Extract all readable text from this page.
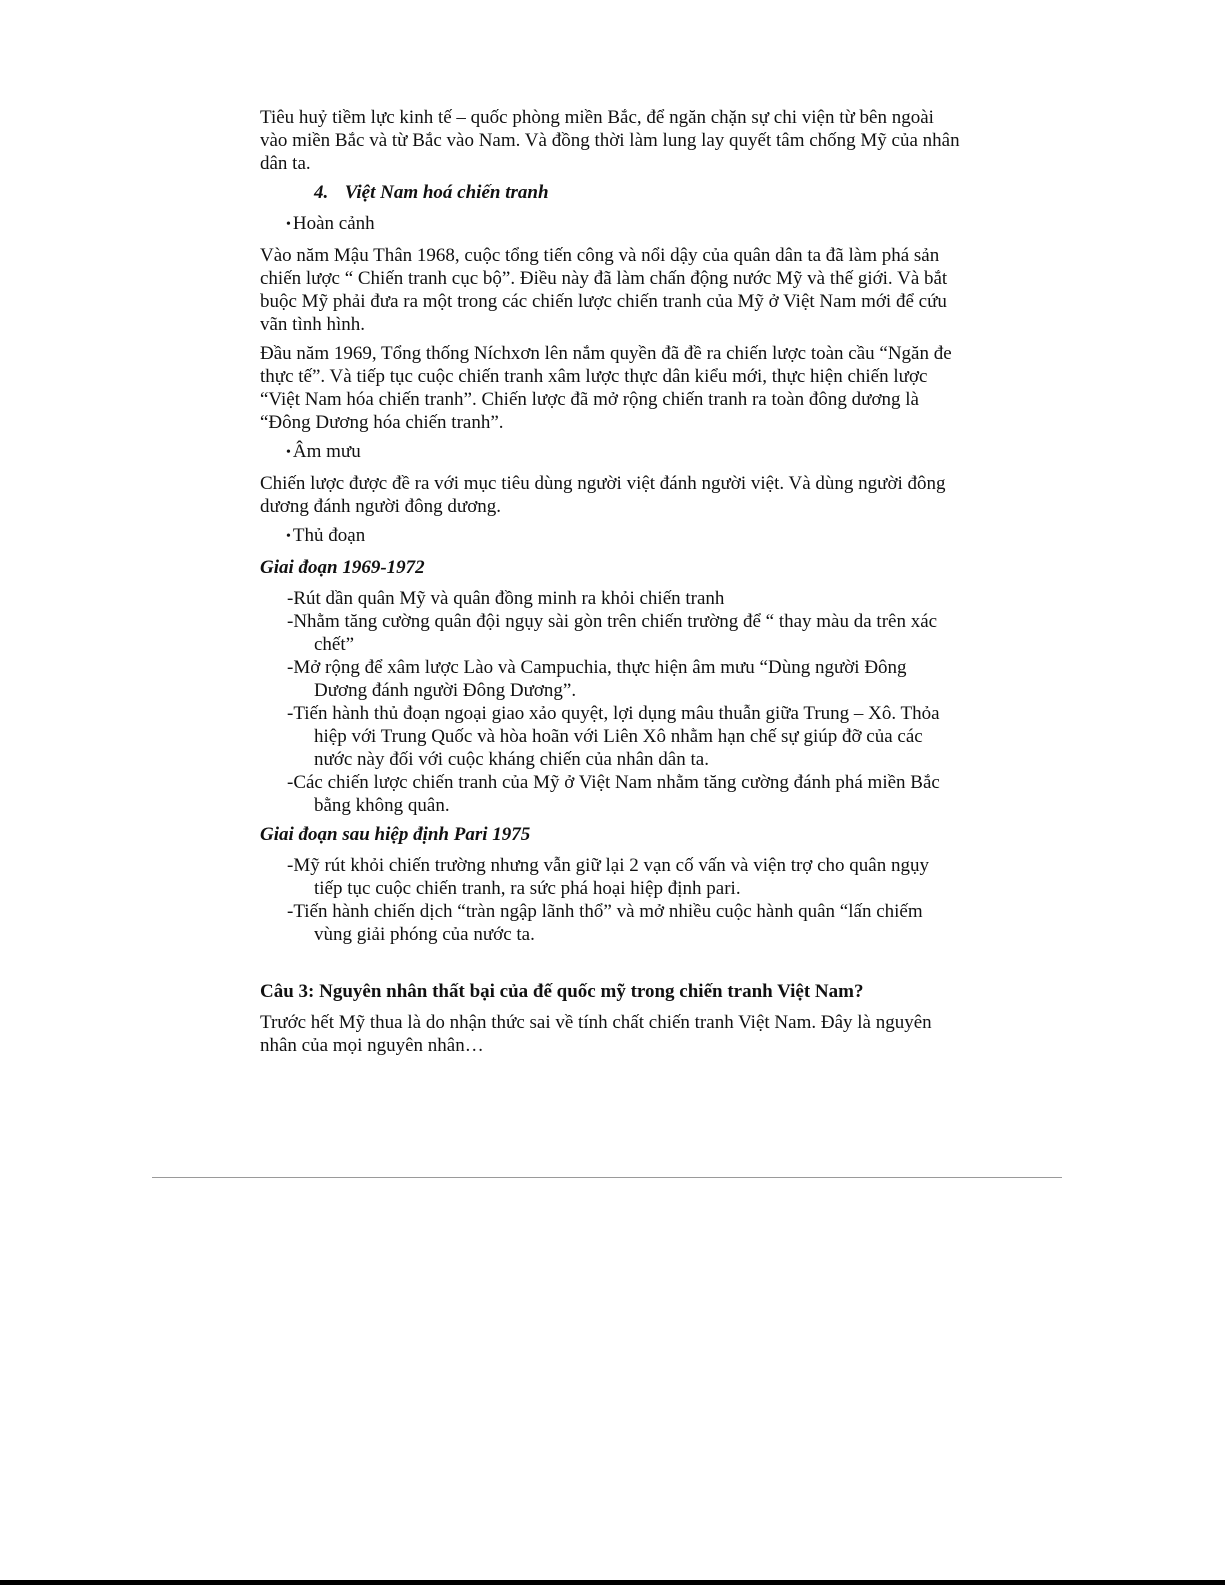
Tiêu huỷ tiềm lực kinh tế – quốc phòng miền Bắc, để ngăn chặn sự chi viện từ bên ngoài vào miền Bắc và từ Bắc vào Nam. Và đồng thời làm lung lay quyết tâm chống Mỹ của nhân dân ta.

4. Việt Nam hoá chiến tranh
• Hoàn cảnh

Vào năm Mậu Thân 1968, cuộc tổng tiến công và nổi dậy của quân dân ta đã làm phá sản chiến lược “ Chiến tranh cục bộ”. Điều này đã làm chấn động nước Mỹ và thế giới. Và bắt buộc Mỹ phải đưa ra một trong các chiến lược chiến tranh của Mỹ ở Việt Nam mới để cứu vãn tình hình.

Đầu năm 1969, Tổng thống Níchxơn lên nắm quyền đã đề ra chiến lược toàn cầu “Ngăn đe thực tế”. Và tiếp tục cuộc chiến tranh xâm lược thực dân kiểu mới, thực hiện chiến lược “Việt Nam hóa chiến tranh”. Chiến lược đã mở rộng chiến tranh ra toàn đông dương là “Đông Dương hóa chiến tranh”.

• Âm mưu

Chiến lược được đề ra với mục tiêu dùng người việt đánh người việt. Và dùng người đông dương đánh người đông dương.

• Thủ đoạn
Giai đoạn 1969-1972
-Rút dần quân Mỹ và quân đồng minh ra khỏi chiến tranh
-Nhằm tăng cường quân đội ngụy sài gòn trên chiến trường để “ thay màu da trên xác chết”
-Mở rộng để xâm lược Lào và Campuchia, thực hiện âm mưu “Dùng người Đông Dương đánh người Đông Dương”.
-Tiến hành thủ đoạn ngoại giao xảo quyệt, lợi dụng mâu thuẫn giữa Trung – Xô. Thỏa hiệp với Trung Quốc và hòa hoãn với Liên Xô nhằm hạn chế sự giúp đỡ của các nước này đối với cuộc kháng chiến của nhân dân ta.
-Các chiến lược chiến tranh của Mỹ ở Việt Nam nhằm tăng cường đánh phá miền Bắc bằng không quân.
Giai đoạn sau hiệp định Pari 1975
-Mỹ rút khỏi chiến trường nhưng vẫn giữ lại 2 vạn cố vấn và viện trợ cho quân ngụy tiếp tục cuộc chiến tranh, ra sức phá hoại hiệp định pari.
-Tiến hành chiến dịch “tràn ngập lãnh thổ” và mở nhiều cuộc hành quân “lấn chiếm vùng giải phóng của nước ta.
Câu 3: Nguyên nhân thất bại của đế quốc mỹ trong chiến tranh Việt Nam?

Trước hết Mỹ thua là do nhận thức sai về tính chất chiến tranh Việt Nam. Đây là nguyên nhân của mọi nguyên nhân…
